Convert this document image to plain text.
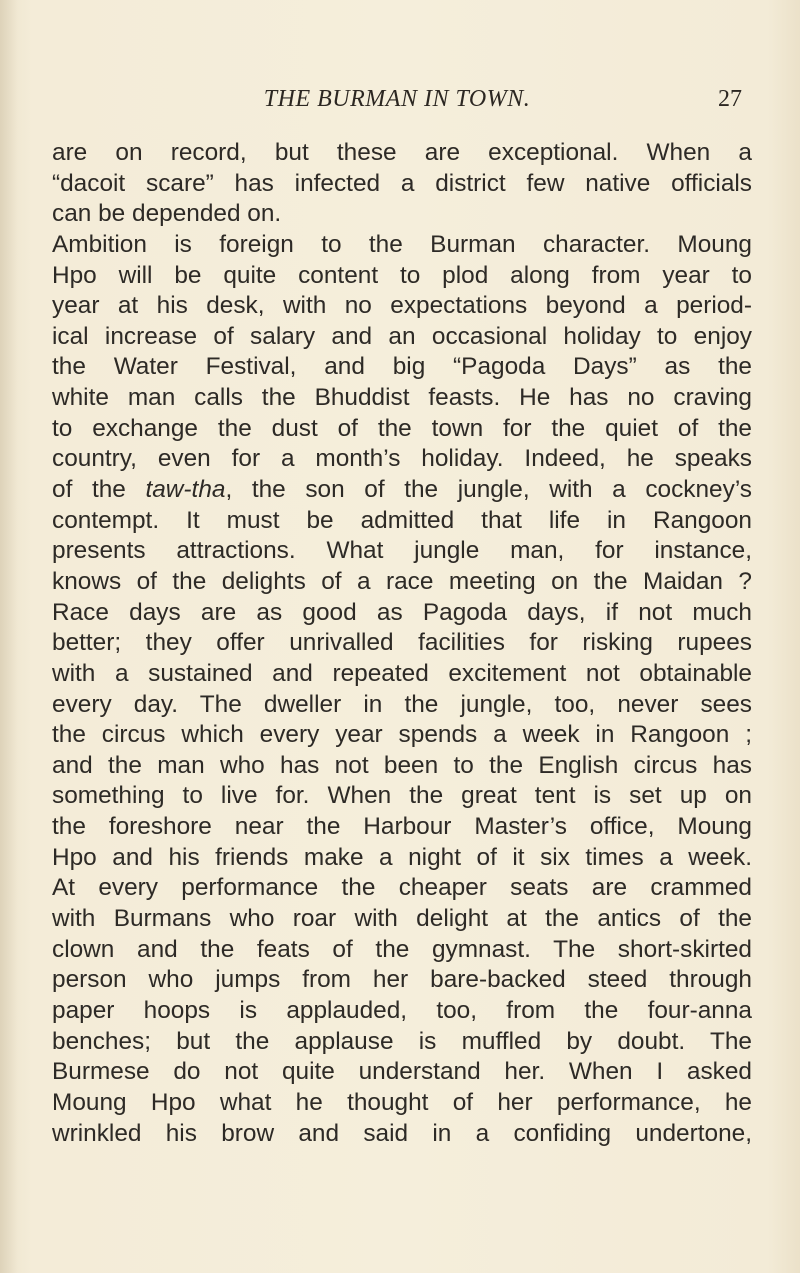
THE BURMAN IN TOWN.	27
are on record, but these are exceptional. When a
“dacoit scare” has infected a district few native officials
can be depended on.
Ambition is foreign to the Burman character. Moung
Hpo will be quite content to plod along from year to
year at his desk, with no expectations beyond a period-
ical increase of salary and an occasional holiday to enjoy
the Water Festival, and big “Pagoda Days” as the
white man calls the Bhuddist feasts. He has no craving
to exchange the dust of the town for the quiet of the
country, even for a month’s holiday. Indeed, he speaks
of the taw-tha, the son of the jungle, with a cockney’s
contempt. It must be admitted that life in Rangoon
presents attractions. What jungle man, for instance,
knows of the delights of a race meeting on the Maidan ?
Race days are as good as Pagoda days, if not much
better; they offer unrivalled facilities for risking rupees
with a sustained and repeated excitement not obtainable
every day. The dweller in the jungle, too, never sees
the circus which every year spends a week in Rangoon ;
and the man who has not been to the English circus has
something to live for. When the great tent is set up on
the foreshore near the Harbour Master’s office, Moung
Hpo and his friends make a night of it six times a week.
At every performance the cheaper seats are crammed
with Burmans who roar with delight at the antics of the
clown and the feats of the gymnast. The short-skirted
person who jumps from her bare-backed steed through
paper hoops is applauded, too, from the four-anna
benches; but the applause is muffled by doubt. The
Burmese do not quite understand her. When I asked
Moung Hpo what he thought of her performance, he
wrinkled his brow and said in a confiding undertone,
